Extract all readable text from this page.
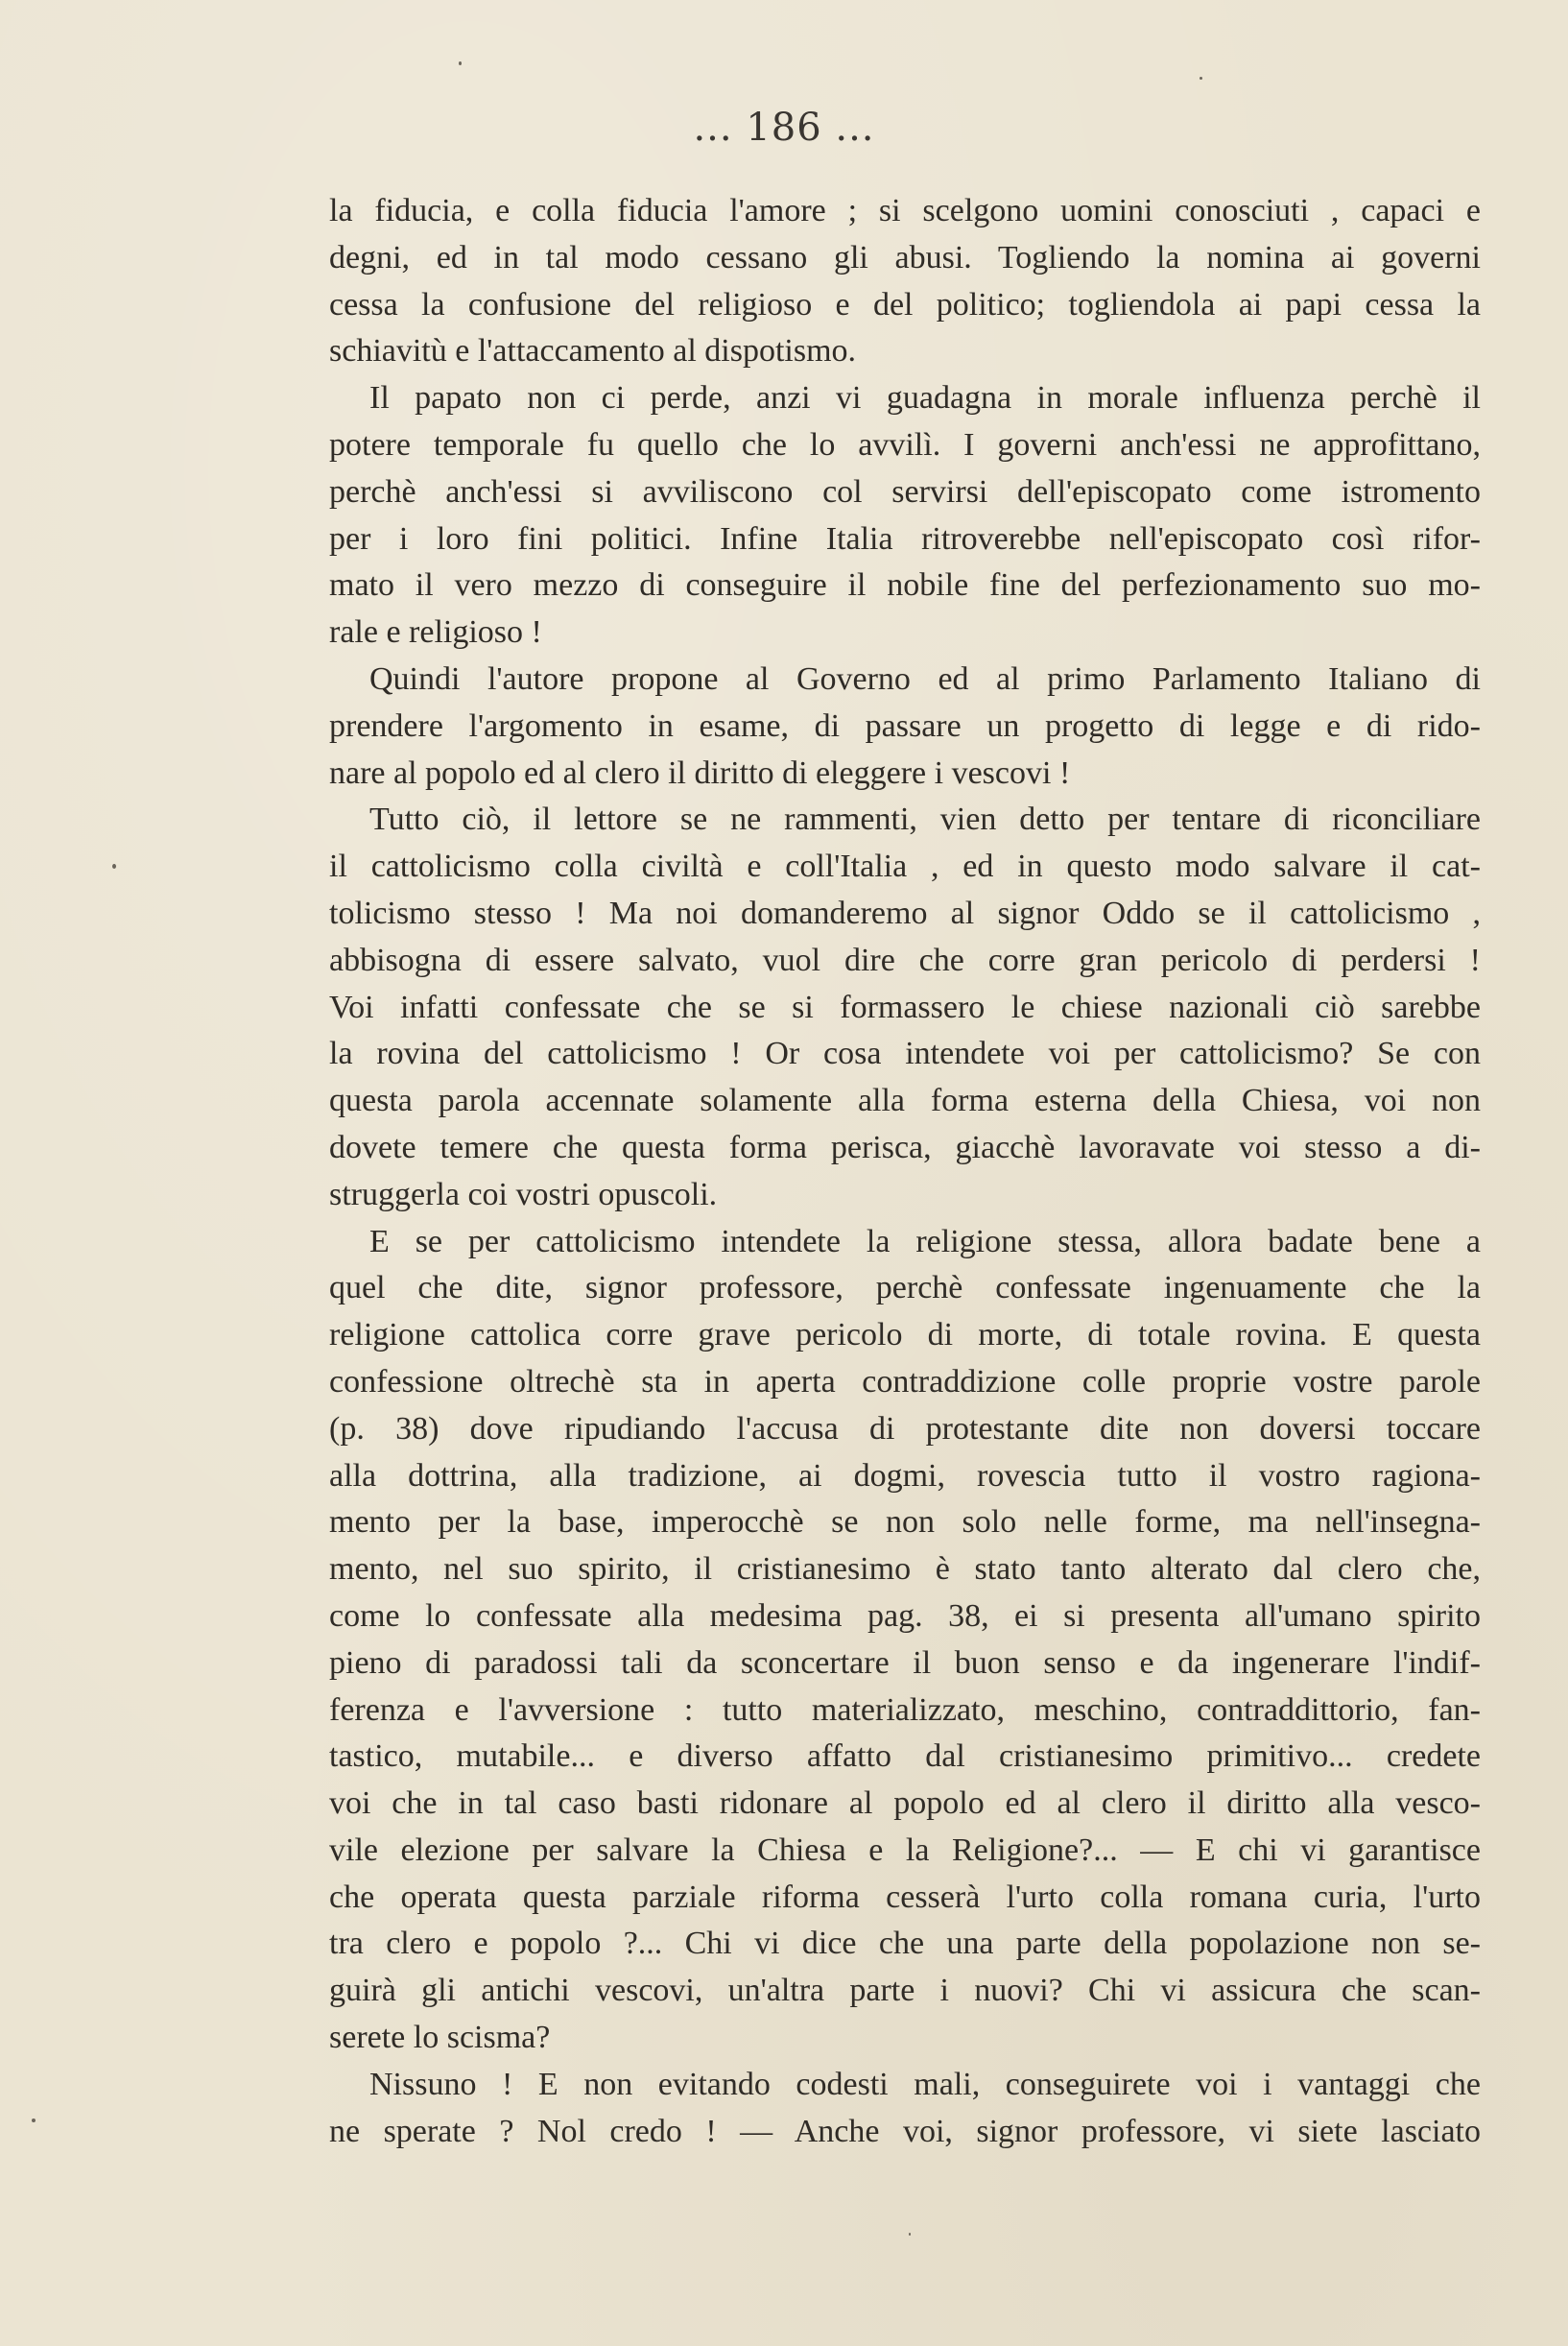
... 186 ...
la fiducia, e colla fiducia l'amore ; si scelgono uomini conosciuti , capaci e
degni, ed in tal modo cessano gli abusi. Togliendo la nomina ai governi
cessa la confusione del religioso e del politico; togliendola ai papi cessa la
schiavitù e l'attaccamento al dispotismo.
Il papato non ci perde, anzi vi guadagna in morale influenza perchè il
potere temporale fu quello che lo avvilì. I governi anch'essi ne approfittano,
perchè anch'essi si avviliscono col servirsi dell'episcopato come istromento
per i loro fini politici. Infine Italia ritroverebbe nell'episcopato così rifor-
mato il vero mezzo di conseguire il nobile fine del perfezionamento suo mo-
rale e religioso !
Quindi l'autore propone al Governo ed al primo Parlamento Italiano di
prendere l'argomento in esame, di passare un progetto di legge e di rido-
nare al popolo ed al clero il diritto di eleggere i vescovi !
Tutto ciò, il lettore se ne rammenti, vien detto per tentare di riconciliare
il cattolicismo colla civiltà e coll'Italia , ed in questo modo salvare il cat-
tolicismo stesso ! Ma noi domanderemo al signor Oddo se il cattolicismo ,
abbisogna di essere salvato, vuol dire che corre gran pericolo di perdersi !
Voi infatti confessate che se si formassero le chiese nazionali ciò sarebbe
la rovina del cattolicismo ! Or cosa intendete voi per cattolicismo? Se con
questa parola accennate solamente alla forma esterna della Chiesa, voi non
dovete temere che questa forma perisca, giacchè lavoravate voi stesso a di-
struggerla coi vostri opuscoli.
E se per cattolicismo intendete la religione stessa, allora badate bene a
quel che dite, signor professore, perchè confessate ingenuamente che la
religione cattolica corre grave pericolo di morte, di totale rovina. E questa
confessione oltrechè sta in aperta contraddizione colle proprie vostre parole
(p. 38) dove ripudiando l'accusa di protestante dite non doversi toccare
alla dottrina, alla tradizione, ai dogmi, rovescia tutto il vostro ragiona-
mento per la base, imperocchè se non solo nelle forme, ma nell'insegna-
mento, nel suo spirito, il cristianesimo è stato tanto alterato dal clero che,
come lo confessate alla medesima pag. 38, ei si presenta all'umano spirito
pieno di paradossi tali da sconcertare il buon senso e da ingenerare l'indif-
ferenza e l'avversione : tutto materializzato, meschino, contraddittorio, fan-
tastico, mutabile... e diverso affatto dal cristianesimo primitivo... credete
voi che in tal caso basti ridonare al popolo ed al clero il diritto alla vesco-
vile elezione per salvare la Chiesa e la Religione?... — E chi vi garantisce
che operata questa parziale riforma cesserà l'urto colla romana curia, l'urto
tra clero e popolo ?... Chi vi dice che una parte della popolazione non se-
guirà gli antichi vescovi, un'altra parte i nuovi? Chi vi assicura che scan-
serete lo scisma?
Nissuno ! E non evitando codesti mali, conseguirete voi i vantaggi che
ne sperate ? Nol credo ! — Anche voi, signor professore, vi siete lasciato
